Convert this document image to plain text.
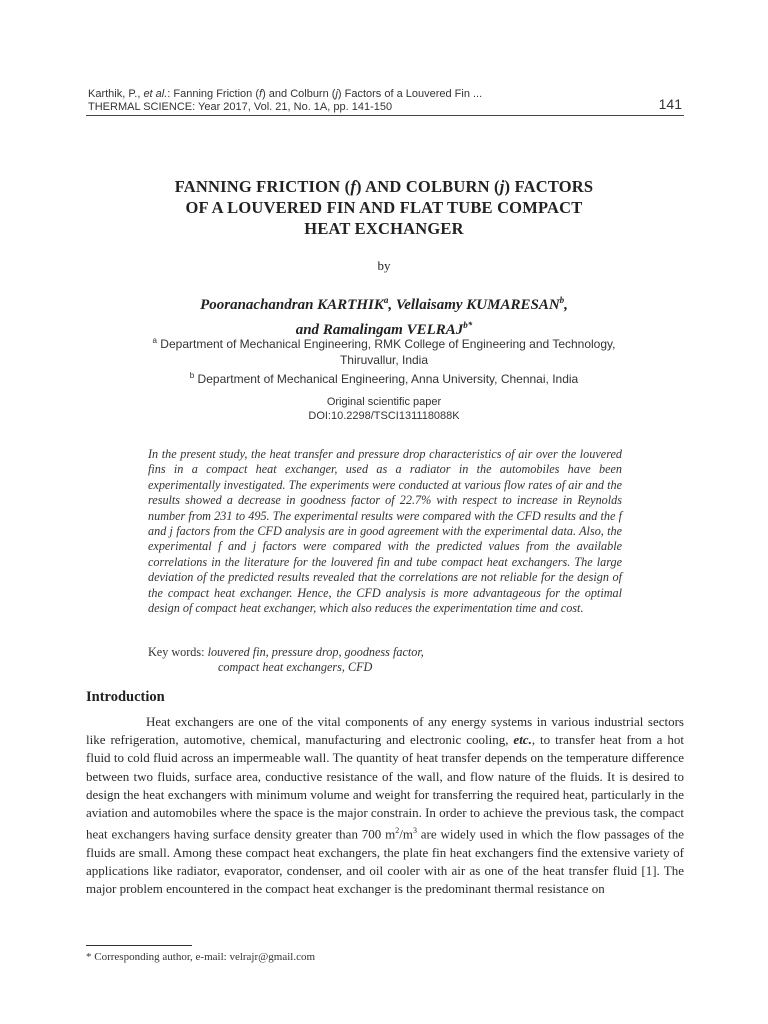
Karthik, P., et al.: Fanning Friction (f) and Colburn (j) Factors of a Louvered Fin ...
THERMAL SCIENCE: Year 2017, Vol. 21, No. 1A, pp. 141-150	141
FANNING FRICTION (f) AND COLBURN (j) FACTORS
OF A LOUVERED FIN AND FLAT TUBE COMPACT
HEAT EXCHANGER
by
Pooranachandran KARTHIK$^a$, Vellaisamy KUMARESAN$^b$,
and Ramalingam $VELRAJ^{b*}$
$^a$ Department of Mechanical Engineering, RMK College of Engineering and Technology,
Thiruvallur, India
$^b$ Department of Mechanical Engineering, Anna University, Chennai, India
Original scientific paper
DOI:10.2298/TSCI131118088K

In the present study, the heat transfer and pressure drop characteristics of air over the louvered fins in a compact heat exchanger, used as a radiator in the automobiles have been experimentally investigated. The experiments were conducted at various flow rates of air and the results showed a decrease in goodness factor of 22.7% with respect to increase in Reynolds number from 231 to 495. The experimental results were compared with the CFD results and the f and j factors from the CFD analysis are in good agreement with the experimental data. Also, the experimental f and j factors were compared with the predicted values from the available correlations in the literature for the louvered fin and tube compact heat exchangers. The large deviation of the predicted results revealed that the correlations are not reliable for the design of the compact heat exchanger. Hence, the CFD analysis is more advantageous for the optimal design of compact heat exchanger, which also reduces the experimentation time and cost.

Key words: louvered fin, pressure drop, goodness factor,
compact heat exchangers, CFD
Introduction

Heat exchangers are one of the vital components of any energy systems in various industrial sectors like refrigeration, automotive, chemical, manufacturing and electronic cooling, etc., to transfer heat from a hot fluid to cold fluid across an impermeable wall. The quantity of heat transfer depends on the temperature difference between two fluids, surface area, conductive resistance of the wall, and flow nature of the fluids. It is desired to design the heat exchangers with minimum volume and weight for transferring the required heat, particularly in the aviation and automobiles where the space is the major constrain. In order to achieve the previous task, the compact heat exchangers having surface density greater than 700 $m^2/m^3$ are widely used in which the flow passages of the fluids are small. Among these compact heat exchangers, the plate fin heat exchangers find the extensive variety of applications like radiator, evaporator, condenser, and oil cooler with air as one of the heat transfer fluid [1]. The major problem encountered in the compact heat exchanger is the predominant thermal resistance on

* Corresponding author, e-mail: velrajr@gmail.com
